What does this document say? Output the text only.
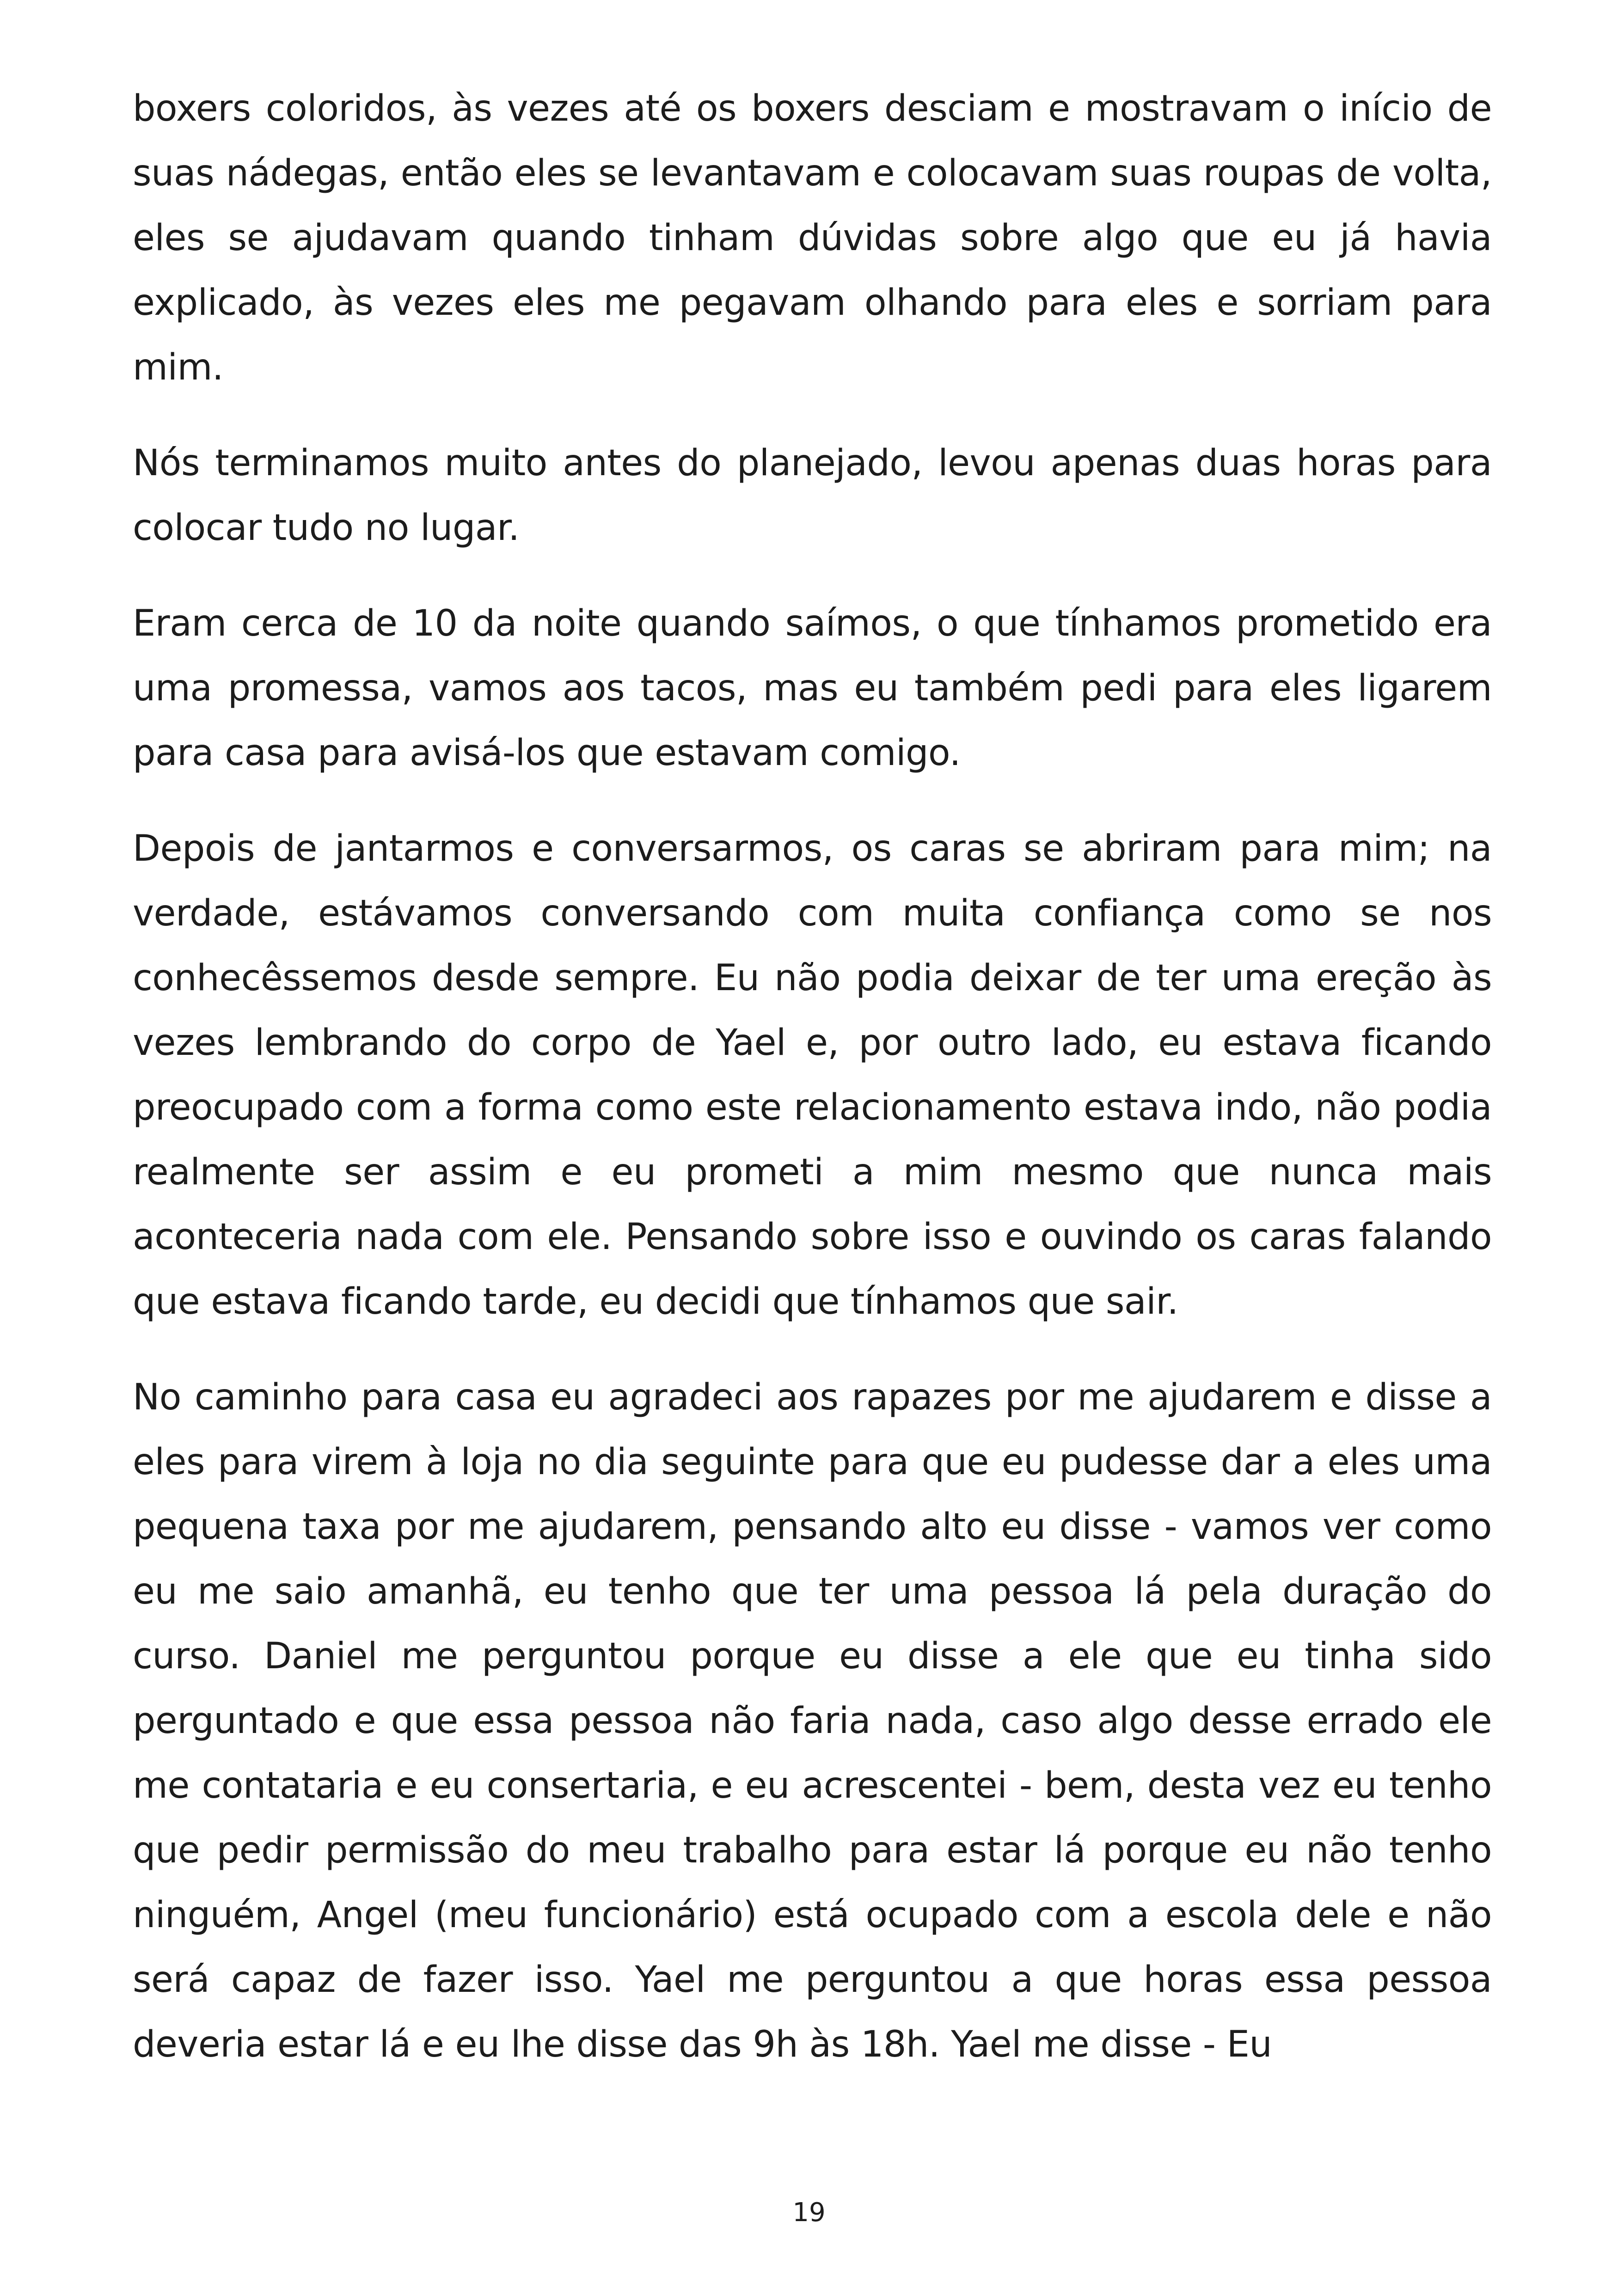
boxers coloridos, às vezes até os boxers desciam e mostravam o início de suas nádegas, então eles se levantavam e colocavam suas roupas de volta, eles se ajudavam quando tinham dúvidas sobre algo que eu já havia explicado, às vezes eles me pegavam olhando para eles e sorriam para mim.

Nós terminamos muito antes do planejado, levou apenas duas horas para colocar tudo no lugar.

Eram cerca de 10 da noite quando saímos, o que tínhamos prometido era uma promessa, vamos aos tacos, mas eu também pedi para eles ligarem para casa para avisá-los que estavam comigo.

Depois de jantarmos e conversarmos, os caras se abriram para mim; na verdade, estávamos conversando com muita confiança como se nos conhecêssemos desde sempre. Eu não podia deixar de ter uma ereção às vezes lembrando do corpo de Yael e, por outro lado, eu estava ficando preocupado com a forma como este relacionamento estava indo, não podia realmente ser assim e eu prometi a mim mesmo que nunca mais aconteceria nada com ele. Pensando sobre isso e ouvindo os caras falando que estava ficando tarde, eu decidi que tínhamos que sair.

No caminho para casa eu agradeci aos rapazes por me ajudarem e disse a eles para virem à loja no dia seguinte para que eu pudesse dar a eles uma pequena taxa por me ajudarem, pensando alto eu disse - vamos ver como eu me saio amanhã, eu tenho que ter uma pessoa lá pela duração do curso. Daniel me perguntou porque eu disse a ele que eu tinha sido perguntado e que essa pessoa não faria nada, caso algo desse errado ele me contataria e eu consertaria, e eu acrescentei - bem, desta vez eu tenho que pedir permissão do meu trabalho para estar lá porque eu não tenho ninguém, Angel (meu funcionário) está ocupado com a escola dele e não será capaz de fazer isso. Yael me perguntou a que horas essa pessoa deveria estar lá e eu lhe disse das 9h às 18h. Yael me disse - Eu

19
